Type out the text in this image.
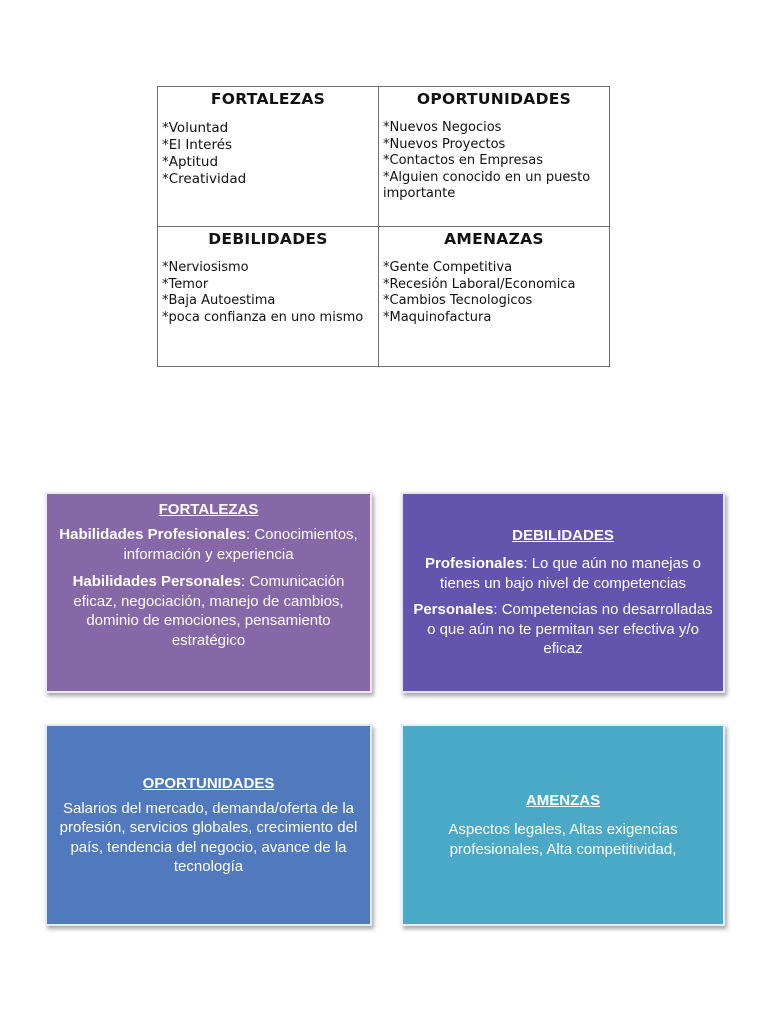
FORTALEZAS
*Voluntad
*El Interés
*Aptitud
*Creatividad
OPORTUNIDADES
*Nuevos Negocios
*Nuevos Proyectos
*Contactos en Empresas
*Alguien conocido en un puesto importante
DEBILIDADES
*Nerviosismo
*Temor
*Baja Autoestima
*poca confianza en uno mismo
AMENAZAS
*Gente Competitiva
*Recesión Laboral/Economica
*Cambios Tecnologicos
*Maquinofactura
FORTALEZAS

Habilidades Profesionales: Conocimientos, información y experiencia

Habilidades Personales: Comunicación eficaz, negociación, manejo de cambios, dominio de emociones, pensamiento estratégico

DEBILIDADES

Profesionales: Lo que aún no manejas o tienes un bajo nivel de competencias

Personales: Competencias no desarrolladas o que aún no te permitan ser efectiva y/o eficaz

OPORTUNIDADES

Salarios del mercado, demanda/oferta de la profesión, servicios globales, crecimiento del país, tendencia del negocio, avance de la tecnología

AMENZAS

Aspectos legales, Altas exigencias profesionales, Alta competitividad,
